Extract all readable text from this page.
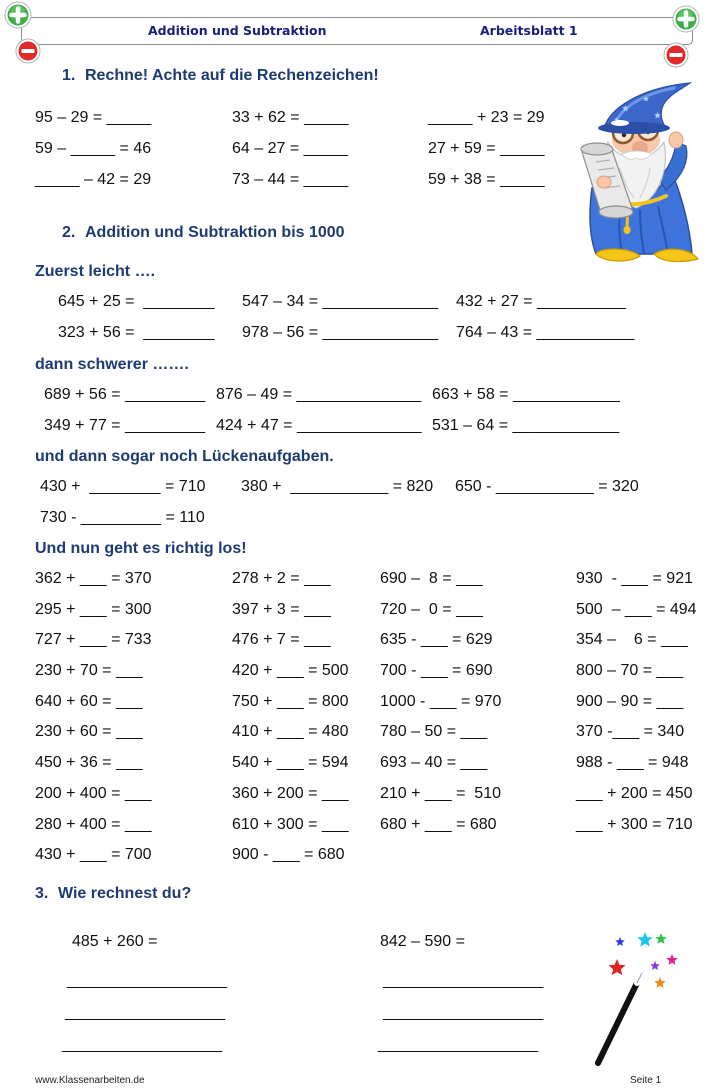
Addition und Subtraktion	Arbeitsblatt 1
1. Rechne! Achte auf die Rechenzeichen!
95 – 29 = _____	33 + 62 = _____	_____ + 23 = 29
59 – _____ = 46	64 – 27 = _____	27 + 59 = _____
_____ – 42 = 29	73 – 44 = _____	59 + 38 = _____
2. Addition und Subtraktion bis 1000
Zuerst leicht ….
645 + 25 =  ________ 547 – 34 = _____________ 432 + 27 = __________
323 + 56 =  ________ 978 – 56 = _____________ 764 – 43 = ___________
dann schwerer …….
689 + 56 = _________ 876 – 49 = ______________ 663 + 58 = ____________
349 + 77 = _________ 424 + 47 = ______________ 531 – 64 = ____________
und dann sogar noch Lückenaufgaben.
430 +  ________ = 710 380 +  ___________ = 820 650 - ___________ = 320
730 - _________ = 110
Und nun geht es richtig los!
362 + ___ = 370	278 + 2 = ___	690 –  8 = ___	930  - ___ = 921
295 + ___ = 300	397 + 3 = ___	720 –  0 = ___	500  – ___ = 494
727 + ___ = 733	476 + 7 = ___	635 - ___ = 629	354 –    6 = ___
230 + 70 = ___	420 + ___ = 500 700 - ___ = 690	800 – 70 = ___
640 + 60 = ___	750 + ___ = 800 1000 - ___ = 970	900 – 90 = ___
230 + 60 = ___	410 + ___ = 480 780 – 50 = ___	370 -___ = 340
450 + 36 = ___	540 + ___ = 594 693 – 40 = ___	988 - ___ = 948
200 + 400 = ___	360 + 200 = ___ 210 + ___ =  510	___ + 200 = 450
280 + 400 = ___	610 + 300 = ___ 680 + ___ = 680	___ + 300 = 710
430 + ___ = 700	900 - ___ = 680
3. Wie rechnest du?
485 + 260 =	842 – 590 =
__________________
__________________
__________________
__________________
__________________
__________________
www.Klassenarbeiten.de	Seite 1
